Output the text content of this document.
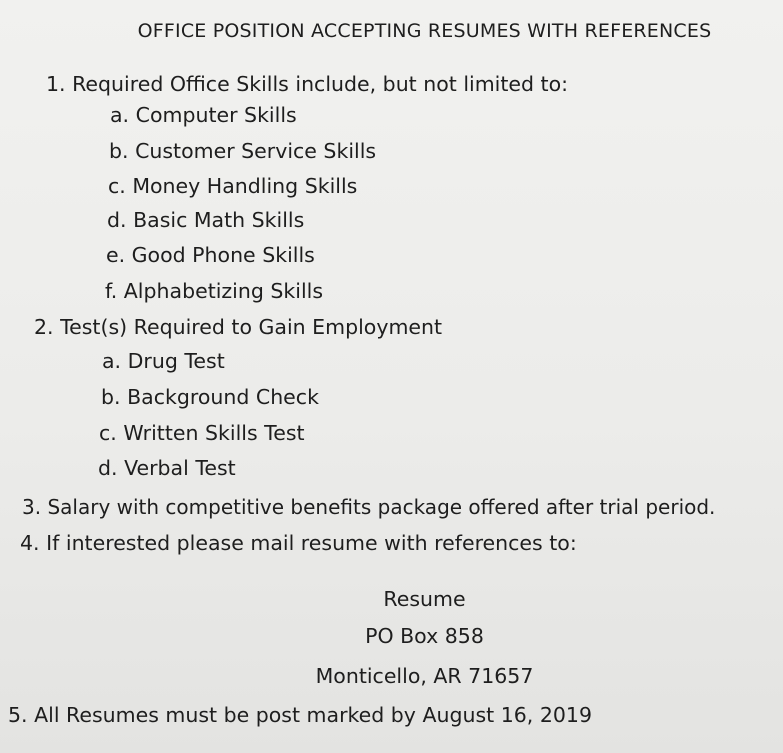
OFFICE POSITION ACCEPTING RESUMES WITH REFERENCES
1. Required Office Skills include, but not limited to:
a. Computer Skills
b. Customer Service Skills
c. Money Handling Skills
d. Basic Math Skills
e. Good Phone Skills
f. Alphabetizing Skills
2. Test(s) Required to Gain Employment
a. Drug Test
b. Background Check
c. Written Skills Test
d. Verbal Test
3. Salary with competitive benefits package offered after trial period.
4. If interested please mail resume with references to:
Resume
PO Box 858
Monticello, AR 71657
5. All Resumes must be post marked by August 16, 2019
